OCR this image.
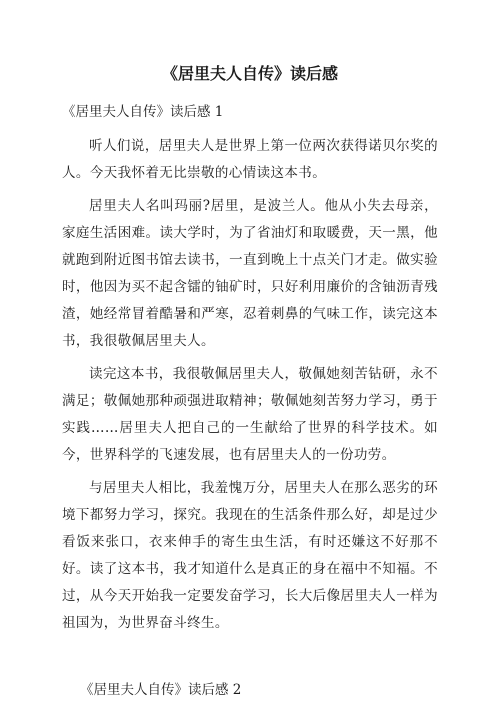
《居里夫人自传》读后感
《居里夫人自传》读后感 1

听人们说，居里夫人是世界上第一位两次获得诺贝尔奖的人。今天我怀着无比崇敬的心情读这本书。

居里夫人名叫玛丽?居里，是波兰人。他从小失去母亲，家庭生活困难。读大学时，为了省油灯和取暖费，天一黑，他就跑到附近图书馆去读书，一直到晚上十点关门才走。做实验时，他因为买不起含镭的铀矿时，只好利用廉价的含铀沥青残渣，她经常冒着酷暑和严寒，忍着刺鼻的气味工作，读完这本书，我很敬佩居里夫人。

读完这本书，我很敬佩居里夫人，敬佩她刻苦钻研，永不满足；敬佩她那种顽强进取精神；敬佩她刻苦努力学习，勇于实践……居里夫人把自己的一生献给了世界的科学技术。如今，世界科学的飞速发展，也有居里夫人的一份功劳。

与居里夫人相比，我羞愧万分，居里夫人在那么恶劣的环境下都努力学习，探究。我现在的生活条件那么好，却是过少看饭来张口，衣来伸手的寄生虫生活，有时还嫌这不好那不好。读了这本书，我才知道什么是真正的身在福中不知福。不过，从今天开始我一定要发奋学习，长大后像居里夫人一样为祖国为，为世界奋斗终生。

《居里夫人自传》读后感 2
